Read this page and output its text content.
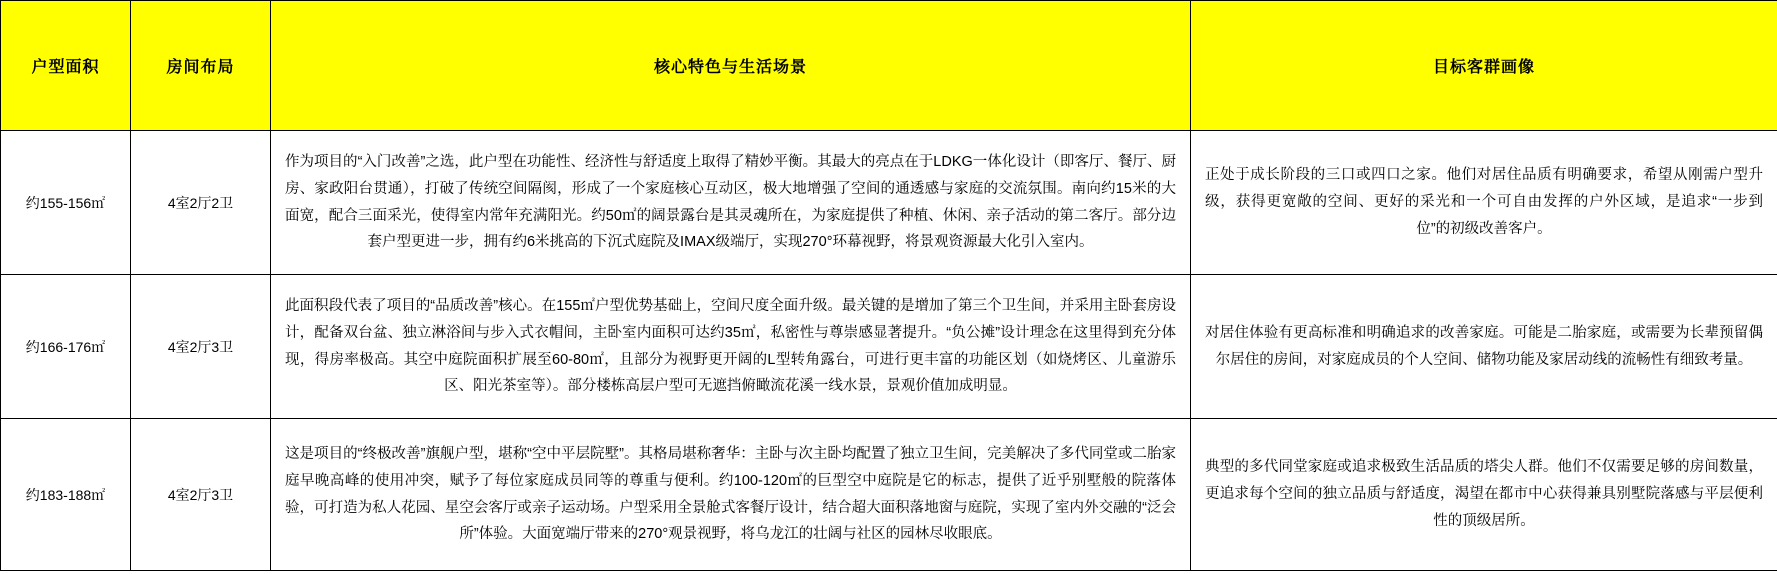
户型面积	房间布局	核心特色与生活场景	目标客群画像
约155-156㎡	4室2厅2卫	作为项目的“入门改善”之选，此户型在功能性、经济性与舒适度上取得了精妙平衡。其最大的亮点在于LDKG一体化设计（即客厅、餐厅、厨房、家政阳台贯通），打破了传统空间隔阂，形成了一个家庭核心互动区，极大地增强了空间的通透感与家庭的交流氛围。南向约15米的大面宽，配合三面采光，使得室内常年充满阳光。约50㎡的阔景露台是其灵魂所在，为家庭提供了种植、休闲、亲子活动的第二客厅。部分边套户型更进一步，拥有约6米挑高的下沉式庭院及IMAX级端厅，实现270°环幕视野，将景观资源最大化引入室内。	正处于成长阶段的三口或四口之家。他们对居住品质有明确要求，希望从刚需户型升级，获得更宽敞的空间、更好的采光和一个可自由发挥的户外区域，是追求“一步到位”的初级改善客户。
约166-176㎡	4室2厅3卫	此面积段代表了项目的“品质改善”核心。在155㎡户型优势基础上，空间尺度全面升级。最关键的是增加了第三个卫生间，并采用主卧套房设计，配备双台盆、独立淋浴间与步入式衣帽间，主卧室内面积可达约35㎡，私密性与尊崇感显著提升。“负公摊”设计理念在这里得到充分体现，得房率极高。其空中庭院面积扩展至60-80㎡，且部分为视野更开阔的L型转角露台，可进行更丰富的功能区划（如烧烤区、儿童游乐区、阳光茶室等）。部分楼栋高层户型可无遮挡俯瞰流花溪一线水景，景观价值加成明显。	对居住体验有更高标准和明确追求的改善家庭。可能是二胎家庭，或需要为长辈预留偶尔居住的房间，对家庭成员的个人空间、储物功能及家居动线的流畅性有细致考量。
约183-188㎡	4室2厅3卫	这是项目的“终极改善”旗舰户型，堪称“空中平层院墅”。其格局堪称奢华：主卧与次主卧均配置了独立卫生间，完美解决了多代同堂或二胎家庭早晚高峰的使用冲突，赋予了每位家庭成员同等的尊重与便利。约100-120㎡的巨型空中庭院是它的标志，提供了近乎别墅般的院落体验，可打造为私人花园、星空会客厅或亲子运动场。户型采用全景舱式客餐厅设计，结合超大面积落地窗与庭院，实现了室内外交融的“泛会所”体验。大面宽端厅带来的270°观景视野，将乌龙江的壮阔与社区的园林尽收眼底。	典型的多代同堂家庭或追求极致生活品质的塔尖人群。他们不仅需要足够的房间数量，更追求每个空间的独立品质与舒适度，渴望在都市中心获得兼具别墅院落感与平层便利性的顶级居所。
